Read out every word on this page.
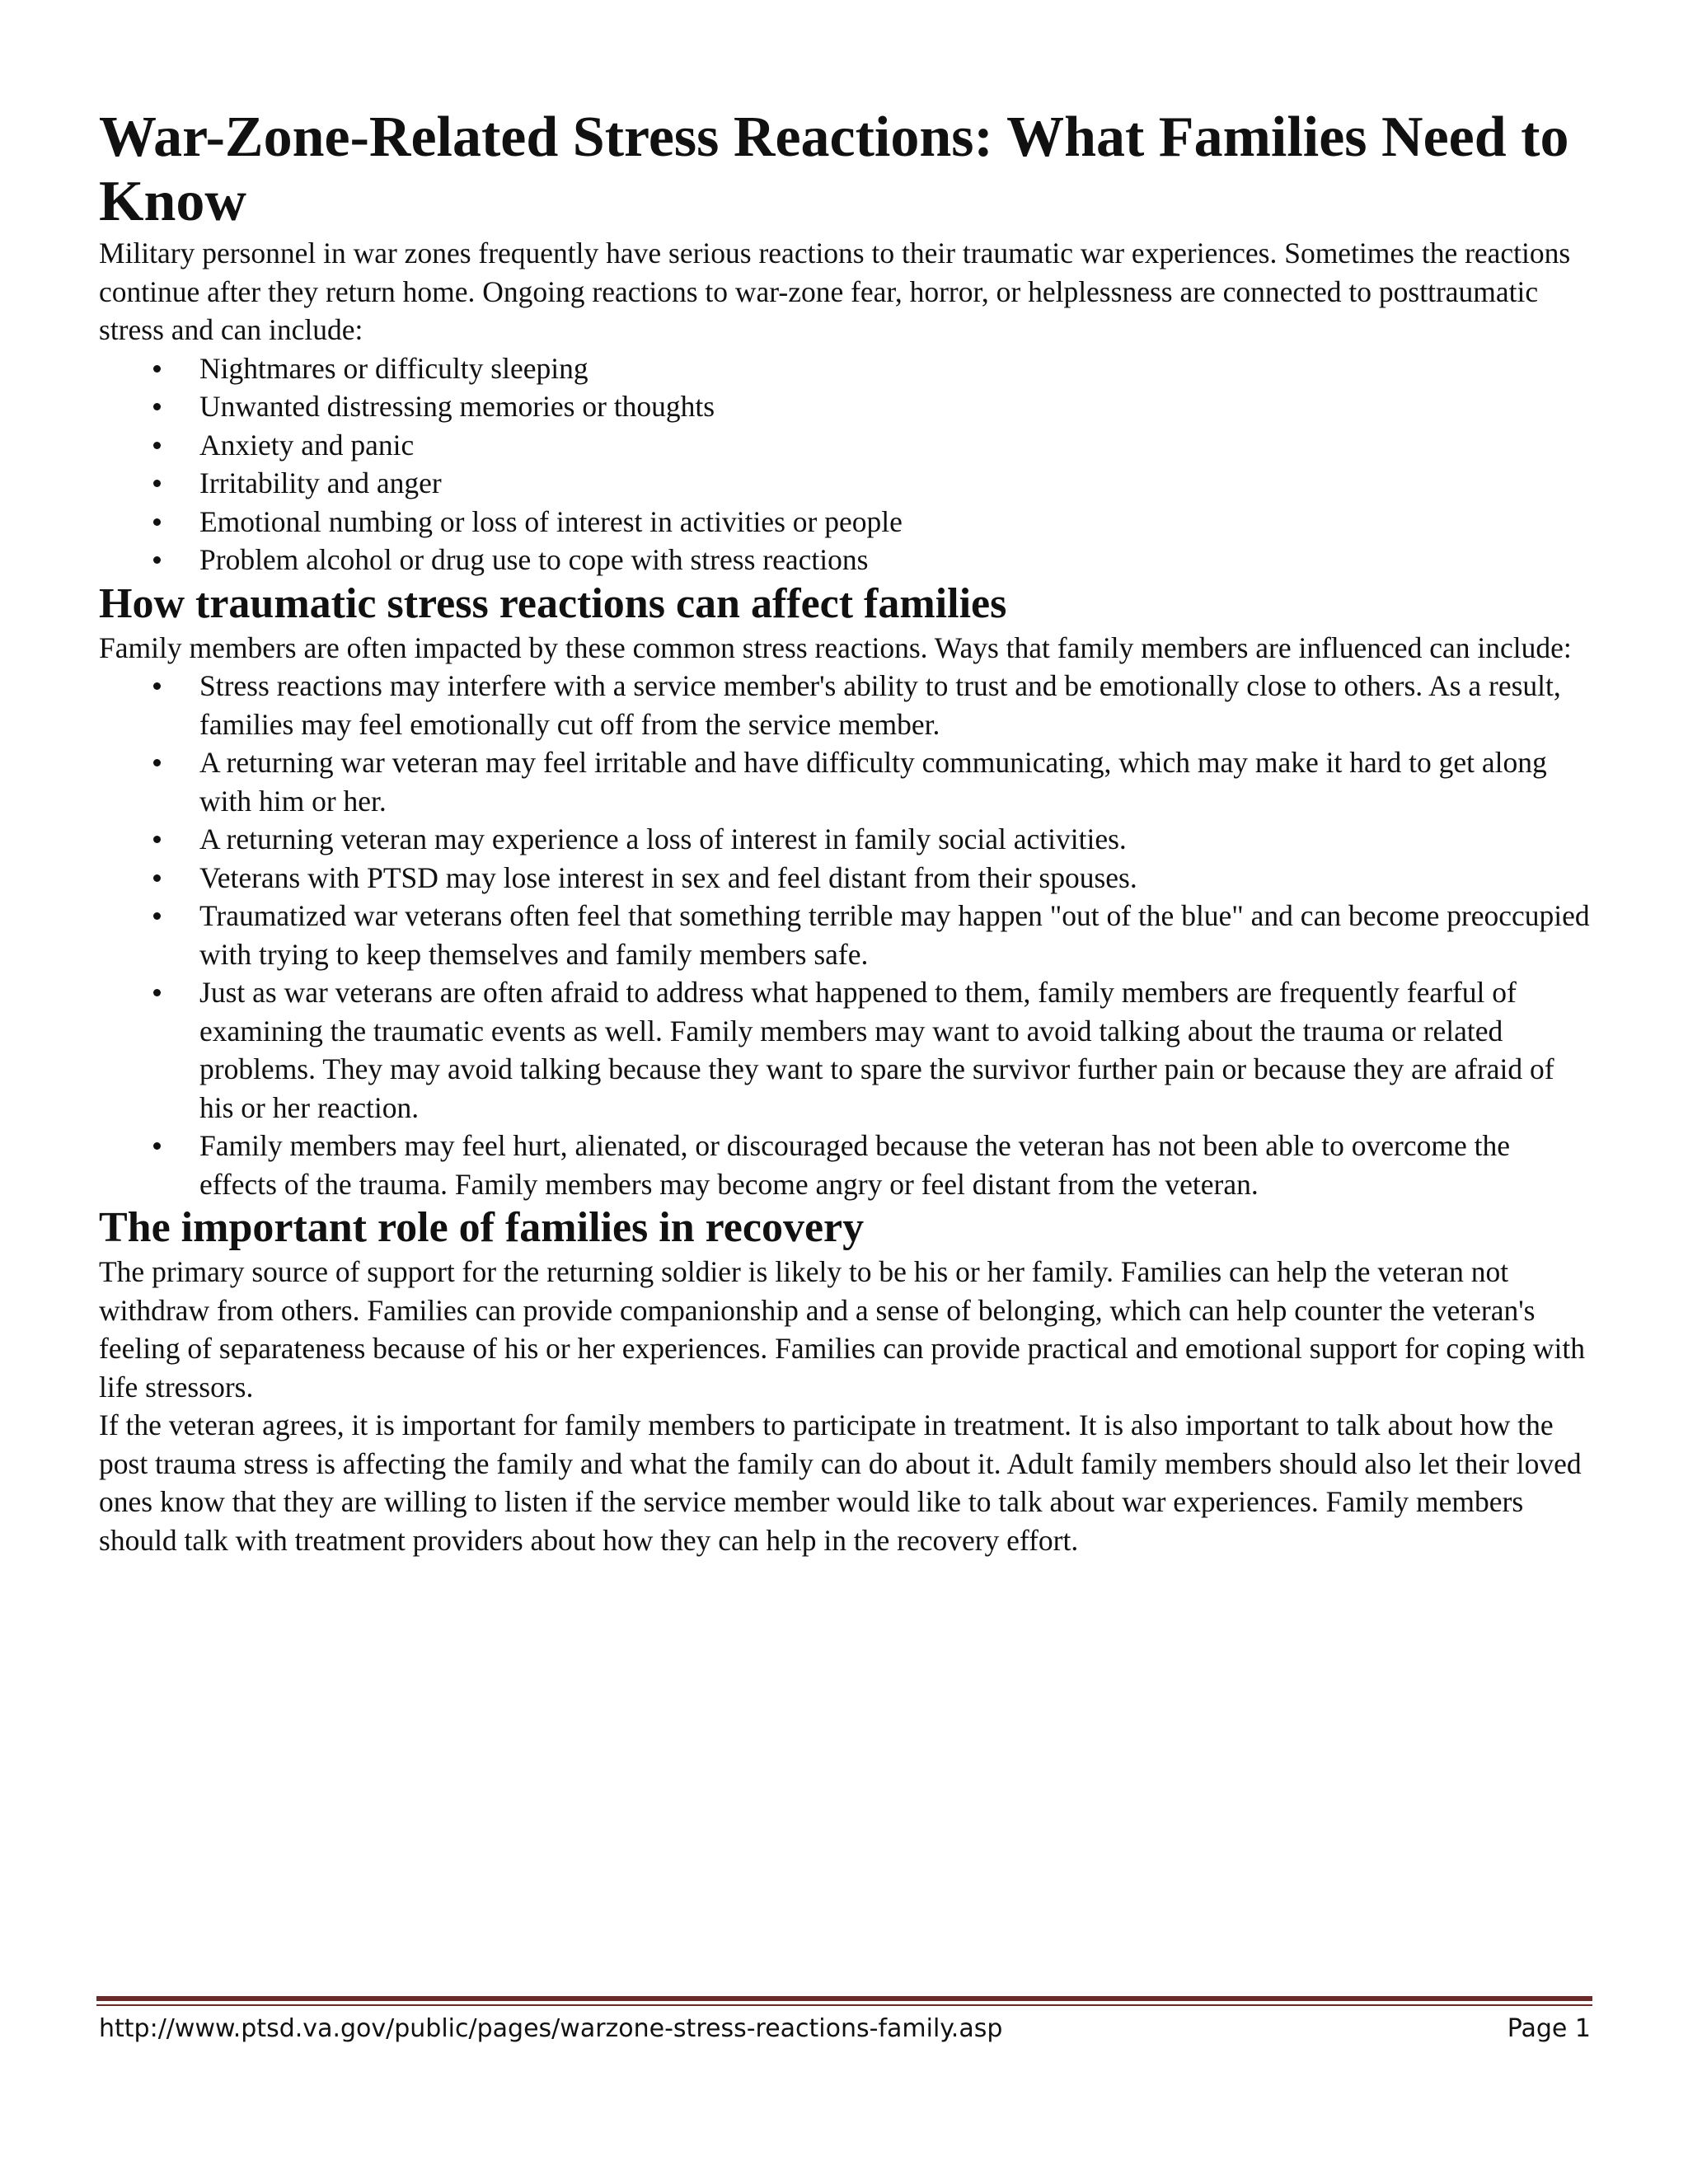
War-Zone-Related Stress Reactions: What Families Need to Know

Military personnel in war zones frequently have serious reactions to their traumatic war experiences. Sometimes the reactions continue after they return home. Ongoing reactions to war-zone fear, horror, or helplessness are connected to posttraumatic stress and can include:

Nightmares or difficulty sleeping
Unwanted distressing memories or thoughts
Anxiety and panic
Irritability and anger
Emotional numbing or loss of interest in activities or people
Problem alcohol or drug use to cope with stress reactions
How traumatic stress reactions can affect families

Family members are often impacted by these common stress reactions. Ways that family members are influenced can include:

Stress reactions may interfere with a service member's ability to trust and be emotionally close to others. As a result, families may feel emotionally cut off from the service member.
A returning war veteran may feel irritable and have difficulty communicating, which may make it hard to get along with him or her.
A returning veteran may experience a loss of interest in family social activities.
Veterans with PTSD may lose interest in sex and feel distant from their spouses.
Traumatized war veterans often feel that something terrible may happen "out of the blue" and can become preoccupied with trying to keep themselves and family members safe.
Just as war veterans are often afraid to address what happened to them, family members are frequently fearful of examining the traumatic events as well. Family members may want to avoid talking about the trauma or related problems. They may avoid talking because they want to spare the survivor further pain or because they are afraid of his or her reaction.
Family members may feel hurt, alienated, or discouraged because the veteran has not been able to overcome the effects of the trauma. Family members may become angry or feel distant from the veteran.
The important role of families in recovery

The primary source of support for the returning soldier is likely to be his or her family. Families can help the veteran not withdraw from others. Families can provide companionship and a sense of belonging, which can help counter the veteran's feeling of separateness because of his or her experiences. Families can provide practical and emotional support for coping with life stressors.

If the veteran agrees, it is important for family members to participate in treatment. It is also important to talk about how the post trauma stress is affecting the family and what the family can do about it. Adult family members should also let their loved ones know that they are willing to listen if the service member would like to talk about war experiences. Family members should talk with treatment providers about how they can help in the recovery effort.

http://www.ptsd.va.gov/public/pages/warzone-stress-reactions-family.asp	Page 1
